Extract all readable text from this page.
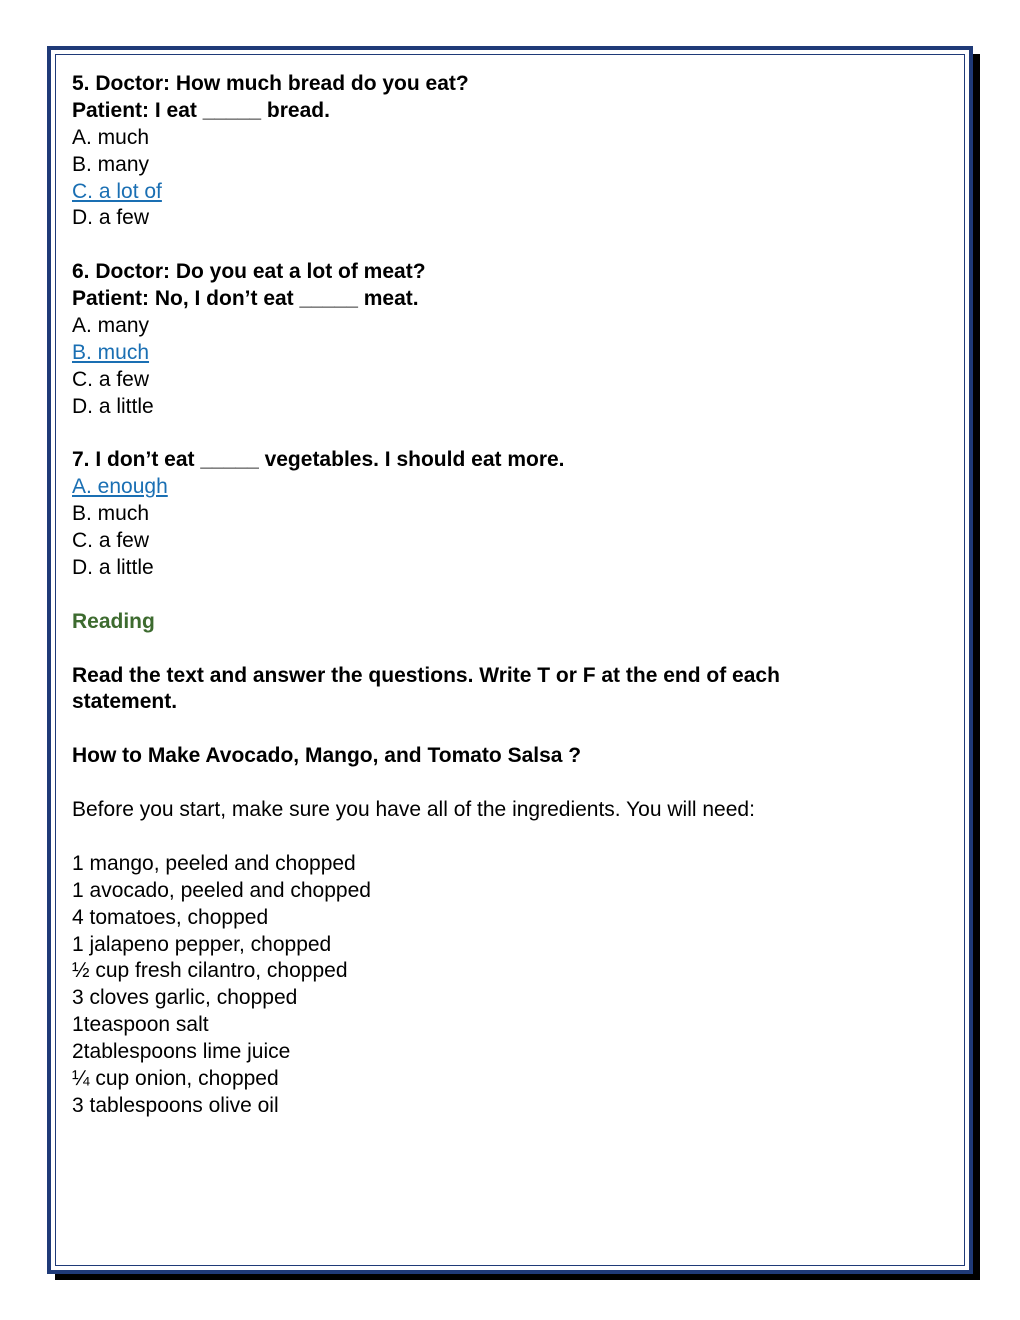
5. Doctor: How much bread do you eat?
Patient: I eat _____ bread.
A. much
B. many
C. a lot of
D. a few
6. Doctor: Do you eat a lot of meat?
Patient: No, I don’t eat _____ meat.
A. many
B. much
C. a few
D. a little
7. I don’t eat _____ vegetables. I should eat more.
A. enough
B. much
C. a few
D. a little
Reading
Read the text and answer the questions. Write T or F at the end of each
statement.
How to Make Avocado, Mango, and Tomato Salsa ?
Before you start, make sure you have all of the ingredients. You will need:
1 mango, peeled and chopped
1 avocado, peeled and chopped
4 tomatoes, chopped
1 jalapeno pepper, chopped
½ cup fresh cilantro, chopped
3 cloves garlic, chopped
1teaspoon salt
2tablespoons lime juice
¼ cup onion, chopped
3 tablespoons olive oil
